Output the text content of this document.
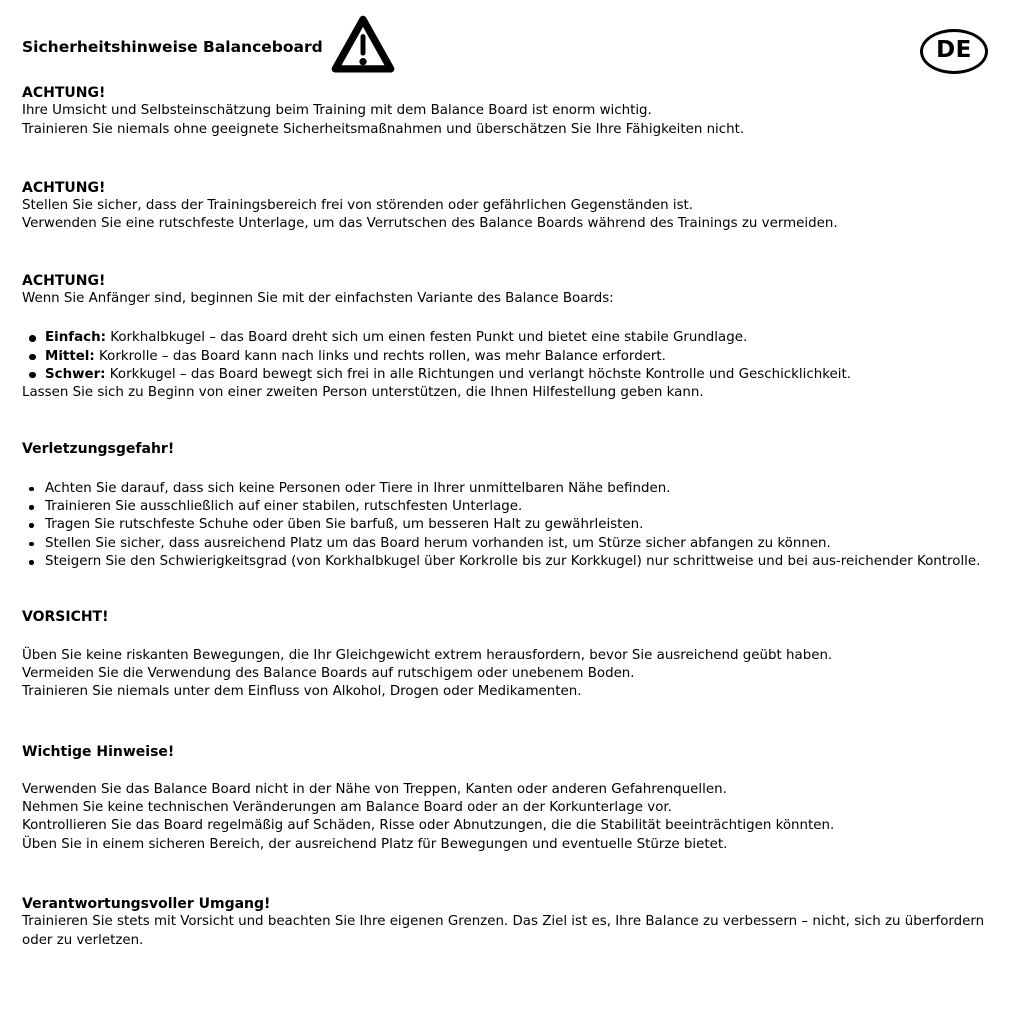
Sicherheitshinweise Balanceboard	DE
ACHTUNG!

Ihre Umsicht und Selbsteinschätzung beim Training mit dem Balance Board ist enorm wichtig.

Trainieren Sie niemals ohne geeignete Sicherheitsmaßnahmen und überschätzen Sie Ihre Fähigkeiten nicht.

ACHTUNG!

Stellen Sie sicher, dass der Trainingsbereich frei von störenden oder gefährlichen Gegenständen ist.

Verwenden Sie eine rutschfeste Unterlage, um das Verrutschen des Balance Boards während des Trainings zu vermeiden.

ACHTUNG!

Wenn Sie Anfänger sind, beginnen Sie mit der einfachsten Variante des Balance Boards:

Einfach: Korkhalbkugel – das Board dreht sich um einen festen Punkt und bietet eine stabile Grundlage.

Mittel: Korkrolle – das Board kann nach links und rechts rollen, was mehr Balance erfordert.

Schwer: Korkkugel – das Board bewegt sich frei in alle Richtungen und verlangt höchste Kontrolle und Geschicklichkeit.

Lassen Sie sich zu Beginn von einer zweiten Person unterstützen, die Ihnen Hilfestellung geben kann.

Verletzungsgefahr!

Achten Sie darauf, dass sich keine Personen oder Tiere in Ihrer unmittelbaren Nähe befinden.

Trainieren Sie ausschließlich auf einer stabilen, rutschfesten Unterlage.

Tragen Sie rutschfeste Schuhe oder üben Sie barfuß, um besseren Halt zu gewährleisten.

Stellen Sie sicher, dass ausreichend Platz um das Board herum vorhanden ist, um Stürze sicher abfangen zu können.

Steigern Sie den Schwierigkeitsgrad (von Korkhalbkugel über Korkrolle bis zur Korkkugel) nur schrittweise und bei aus-reichender Kontrolle.

VORSICHT!

Üben Sie keine riskanten Bewegungen, die Ihr Gleichgewicht extrem herausfordern, bevor Sie ausreichend geübt haben.

Vermeiden Sie die Verwendung des Balance Boards auf rutschigem oder unebenem Boden.

Trainieren Sie niemals unter dem Einfluss von Alkohol, Drogen oder Medikamenten.

Wichtige Hinweise!

Verwenden Sie das Balance Board nicht in der Nähe von Treppen, Kanten oder anderen Gefahrenquellen.

Nehmen Sie keine technischen Veränderungen am Balance Board oder an der Korkunterlage vor.

Kontrollieren Sie das Board regelmäßig auf Schäden, Risse oder Abnutzungen, die die Stabilität beeinträchtigen könnten.

Üben Sie in einem sicheren Bereich, der ausreichend Platz für Bewegungen und eventuelle Stürze bietet.

Verantwortungsvoller Umgang!

Trainieren Sie stets mit Vorsicht und beachten Sie Ihre eigenen Grenzen. Das Ziel ist es, Ihre Balance zu verbessern – nicht, sich zu überfordern oder zu verletzen.
